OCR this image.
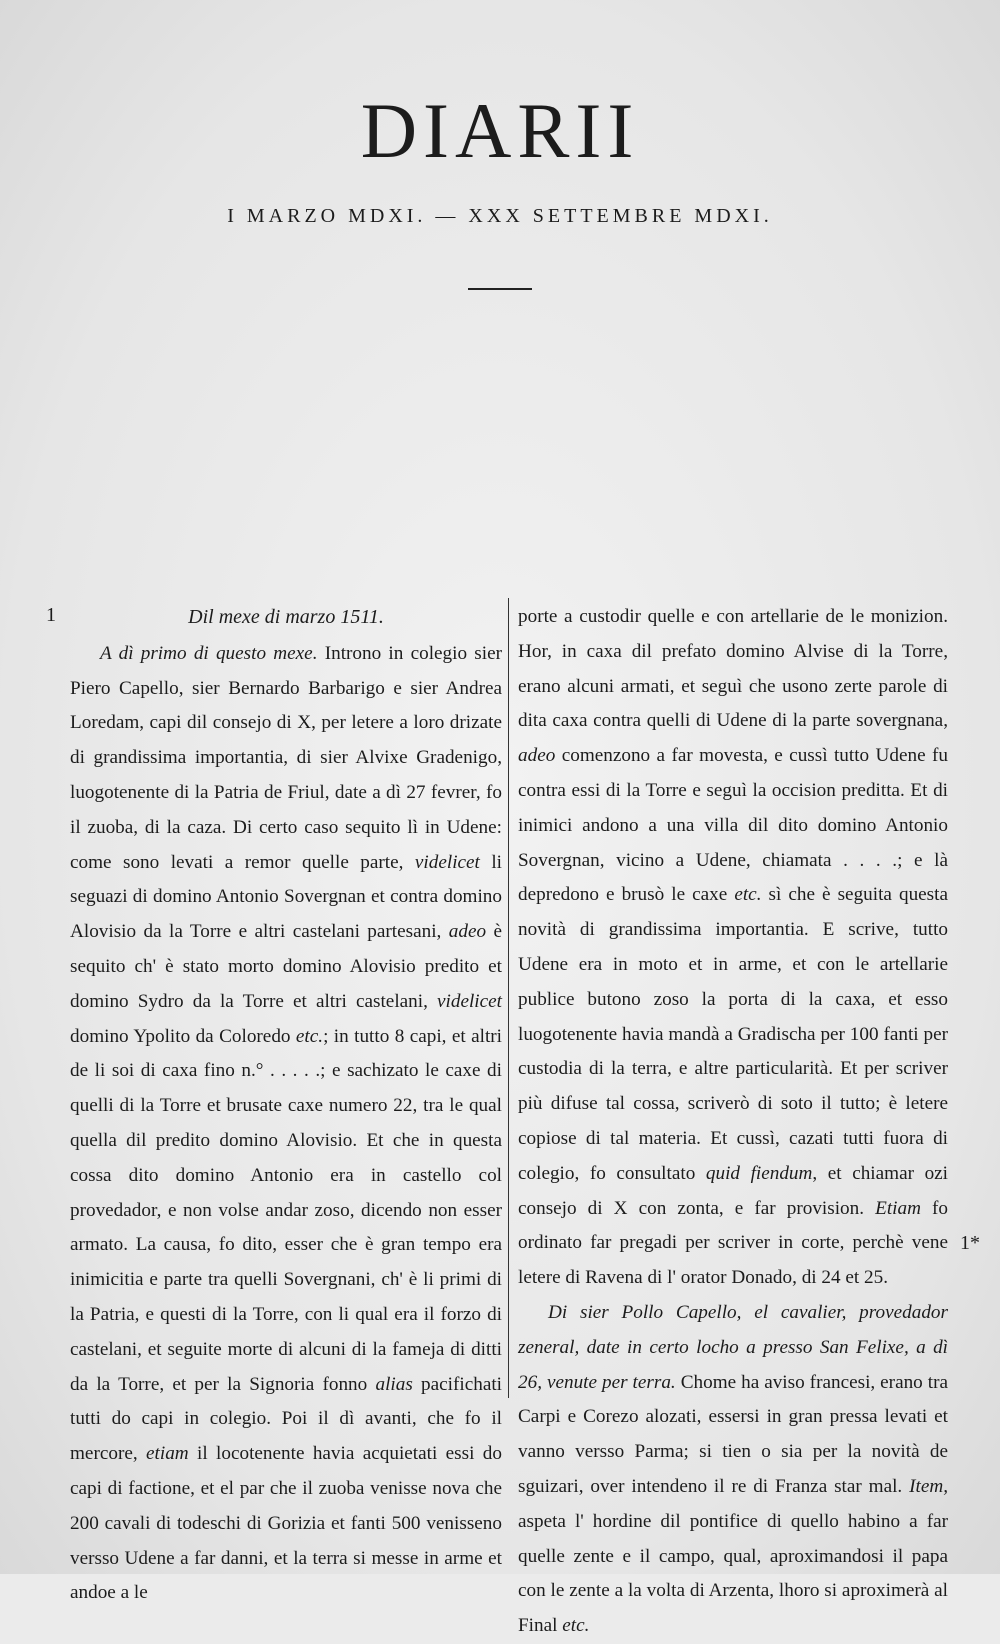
DIARII
I MARZO MDXI. — XXX SETTEMBRE MDXI.
1
1*

Dil mexe di marzo 1511.

A dì primo di questo mexe. Introno in colegio sier Piero Capello, sier Bernardo Barbarigo e sier Andrea Loredam, capi dil consejo di X, per letere a loro drizate di grandissima importantia, di sier Alvixe Gradenigo, luogotenente di la Patria de Friul, date a dì 27 fevrer, fo il zuoba, di la caza. Di certo caso sequito lì in Udene: come sono levati a remor quelle parte, videlicet li seguazi di domino Antonio Sovergnan et contra domino Alovisio da la Torre e altri castelani partesani, adeo è sequito ch' è stato morto domino Alovisio predito et domino Sydro da la Torre et altri castelani, videlicet domino Ypolito da Coloredo etc.; in tutto 8 capi, et altri de li soi di caxa fino n.° . . . . .; e sachizato le caxe di quelli di la Torre et brusate caxe numero 22, tra le qual quella dil predito domino Alovisio. Et che in questa cossa dito domino Antonio era in castello col provedador, e non volse andar zoso, dicendo non esser armato. La causa, fo dito, esser che è gran tempo era inimicitia e parte tra quelli Sovergnani, ch' è li primi di la Patria, e questi di la Torre, con li qual era il forzo di castelani, et seguite morte di alcuni di la fameja di ditti da la Torre, et per la Signoria fonno alias pacifichati tutti do capi in colegio. Poi il dì avanti, che fo il mercore, etiam il locotenente havia acquietati essi do capi di factione, et el par che il zuoba venisse nova che 200 cavali di todeschi di Gorizia et fanti 500 venisseno versso Udene a far danni, et la terra si messe in arme et andoe a le

porte a custodir quelle e con artellarie de le monizion. Hor, in caxa dil prefato domino Alvise di la Torre, erano alcuni armati, et seguì che usono zerte parole di dita caxa contra quelli di Udene di la parte sovergnana, adeo comenzono a far movesta, e cussì tutto Udene fu contra essi di la Torre e seguì la occision preditta. Et di inimici andono a una villa dil dito domino Antonio Sovergnan, vicino a Udene, chiamata . . . .; e là depredono e brusò le caxe etc. sì che è seguita questa novità di grandissima importantia. E scrive, tutto Udene era in moto et in arme, et con le artellarie publice butono zoso la porta di la caxa, et esso luogotenente havia mandà a Gradischa per 100 fanti per custodia di la terra, e altre particularità. Et per scriver più difuse tal cossa, scriverò di soto il tutto; è letere copiose di tal materia. Et cussì, cazati tutti fuora di colegio, fo consultato quid fiendum, et chiamar ozi consejo di X con zonta, e far provision. Etiam fo ordinato far pregadi per scriver in corte, perchè vene letere di Ravena di l' orator Donado, di 24 et 25.

Di sier Pollo Capello, el cavalier, provedador zeneral, date in certo locho a presso San Felixe, a dì 26, venute per terra. Chome ha aviso francesi, erano tra Carpi e Corezo alozati, essersi in gran pressa levati et vanno versso Parma; si tien o sia per la novità de sguizari, over intendeno il re di Franza star mal. Item, aspeta l' hordine dil pontifice di quello habino a far quelle zente e il campo, qual, aproximandosi il papa con le zente a la volta di Arzenta, lhoro si aproximerà al Final etc.
